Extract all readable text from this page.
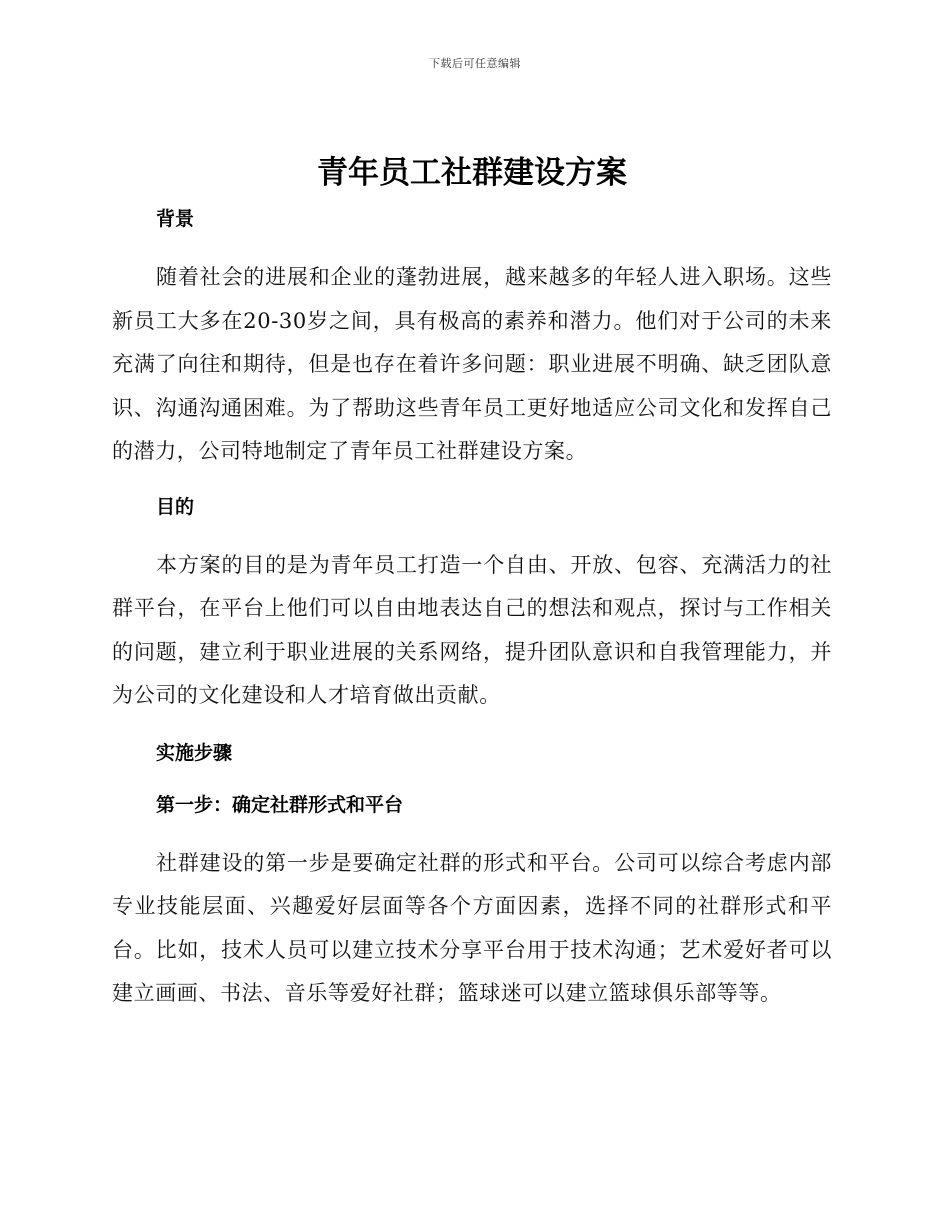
下载后可任意编辑
青年员工社群建设方案
背景

随着社会的进展和企业的蓬勃进展，越来越多的年轻人进入职场。这些新员工大多在20-30岁之间，具有极高的素养和潜力。他们对于公司的未来充满了向往和期待，但是也存在着许多问题：职业进展不明确、缺乏团队意识、沟通沟通困难。为了帮助这些青年员工更好地适应公司文化和发挥自己的潜力，公司特地制定了青年员工社群建设方案。

目的

本方案的目的是为青年员工打造一个自由、开放、包容、充满活力的社群平台，在平台上他们可以自由地表达自己的想法和观点，探讨与工作相关的问题，建立利于职业进展的关系网络，提升团队意识和自我管理能力，并为公司的文化建设和人才培育做出贡献。

实施步骤
第一步：确定社群形式和平台

社群建设的第一步是要确定社群的形式和平台。公司可以综合考虑内部专业技能层面、兴趣爱好层面等各个方面因素，选择不同的社群形式和平台。比如，技术人员可以建立技术分享平台用于技术沟通；艺术爱好者可以建立画画、书法、音乐等爱好社群；篮球迷可以建立篮球俱乐部等等。
